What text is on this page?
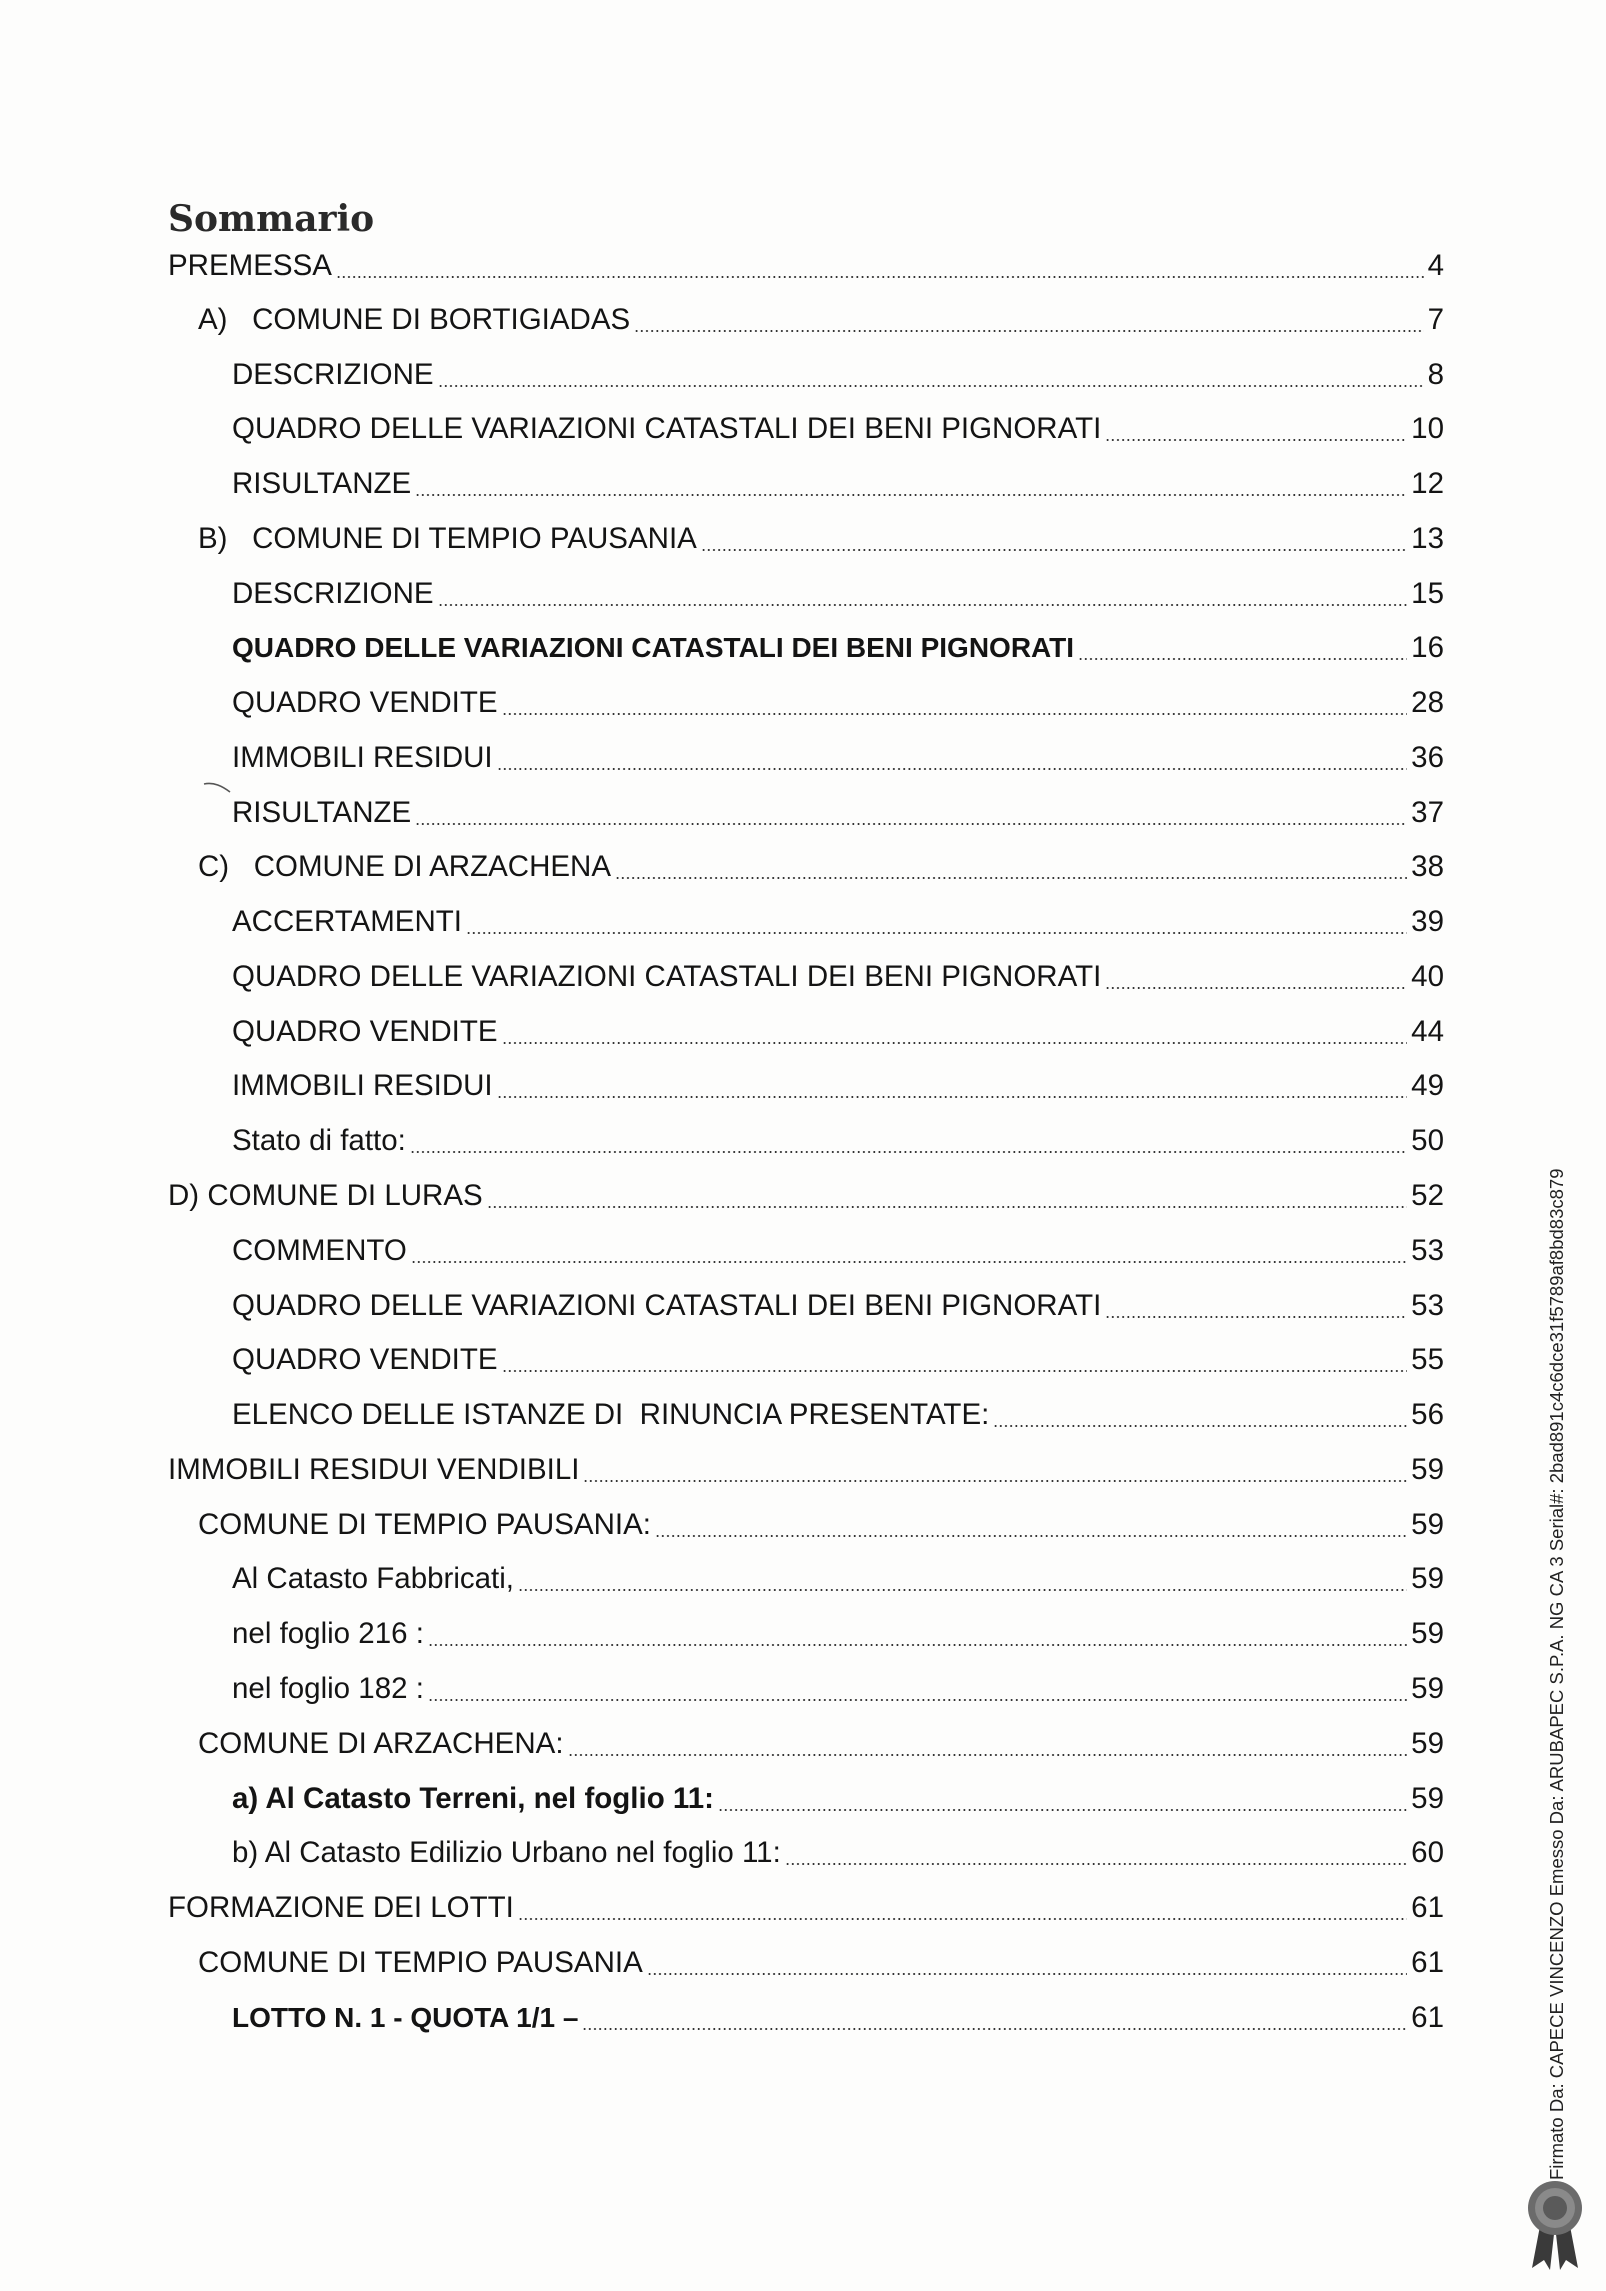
Sommario
PREMESSA	4
A)   COMUNE DI BORTIGIADAS	7
DESCRIZIONE	8
QUADRO DELLE VARIAZIONI CATASTALI DEI BENI PIGNORATI	10
RISULTANZE	12
B)   COMUNE DI TEMPIO PAUSANIA	13
DESCRIZIONE	15
QUADRO DELLE VARIAZIONI CATASTALI DEI BENI PIGNORATI	16
QUADRO VENDITE	28
IMMOBILI RESIDUI	36
RISULTANZE	37
C)   COMUNE DI ARZACHENA	38
ACCERTAMENTI	39
QUADRO DELLE VARIAZIONI CATASTALI DEI BENI PIGNORATI	40
QUADRO VENDITE	44
IMMOBILI RESIDUI	49
Stato di fatto:	50
D) COMUNE DI LURAS	52
COMMENTO	53
QUADRO DELLE VARIAZIONI CATASTALI DEI BENI PIGNORATI	53
QUADRO VENDITE	55
ELENCO DELLE ISTANZE DI  RINUNCIA PRESENTATE:	56
IMMOBILI RESIDUI VENDIBILI	59
COMUNE DI TEMPIO PAUSANIA:	59
Al Catasto Fabbricati,	59
nel foglio 216 :	59
nel foglio 182 :	59
COMUNE DI ARZACHENA:	59
a) Al Catasto Terreni, nel foglio 11:	59
b) Al Catasto Edilizio Urbano nel foglio 11:	60
FORMAZIONE DEI LOTTI	61
COMUNE DI TEMPIO PAUSANIA	61
LOTTO N. 1 - QUOTA 1/1 –	61	Firmato Da: CAPECE VINCENZO Emesso Da: ARUBAPEC S.P.A. NG CA 3 Serial#: 2bad891c4c6dce31f5789af8bd83c879
